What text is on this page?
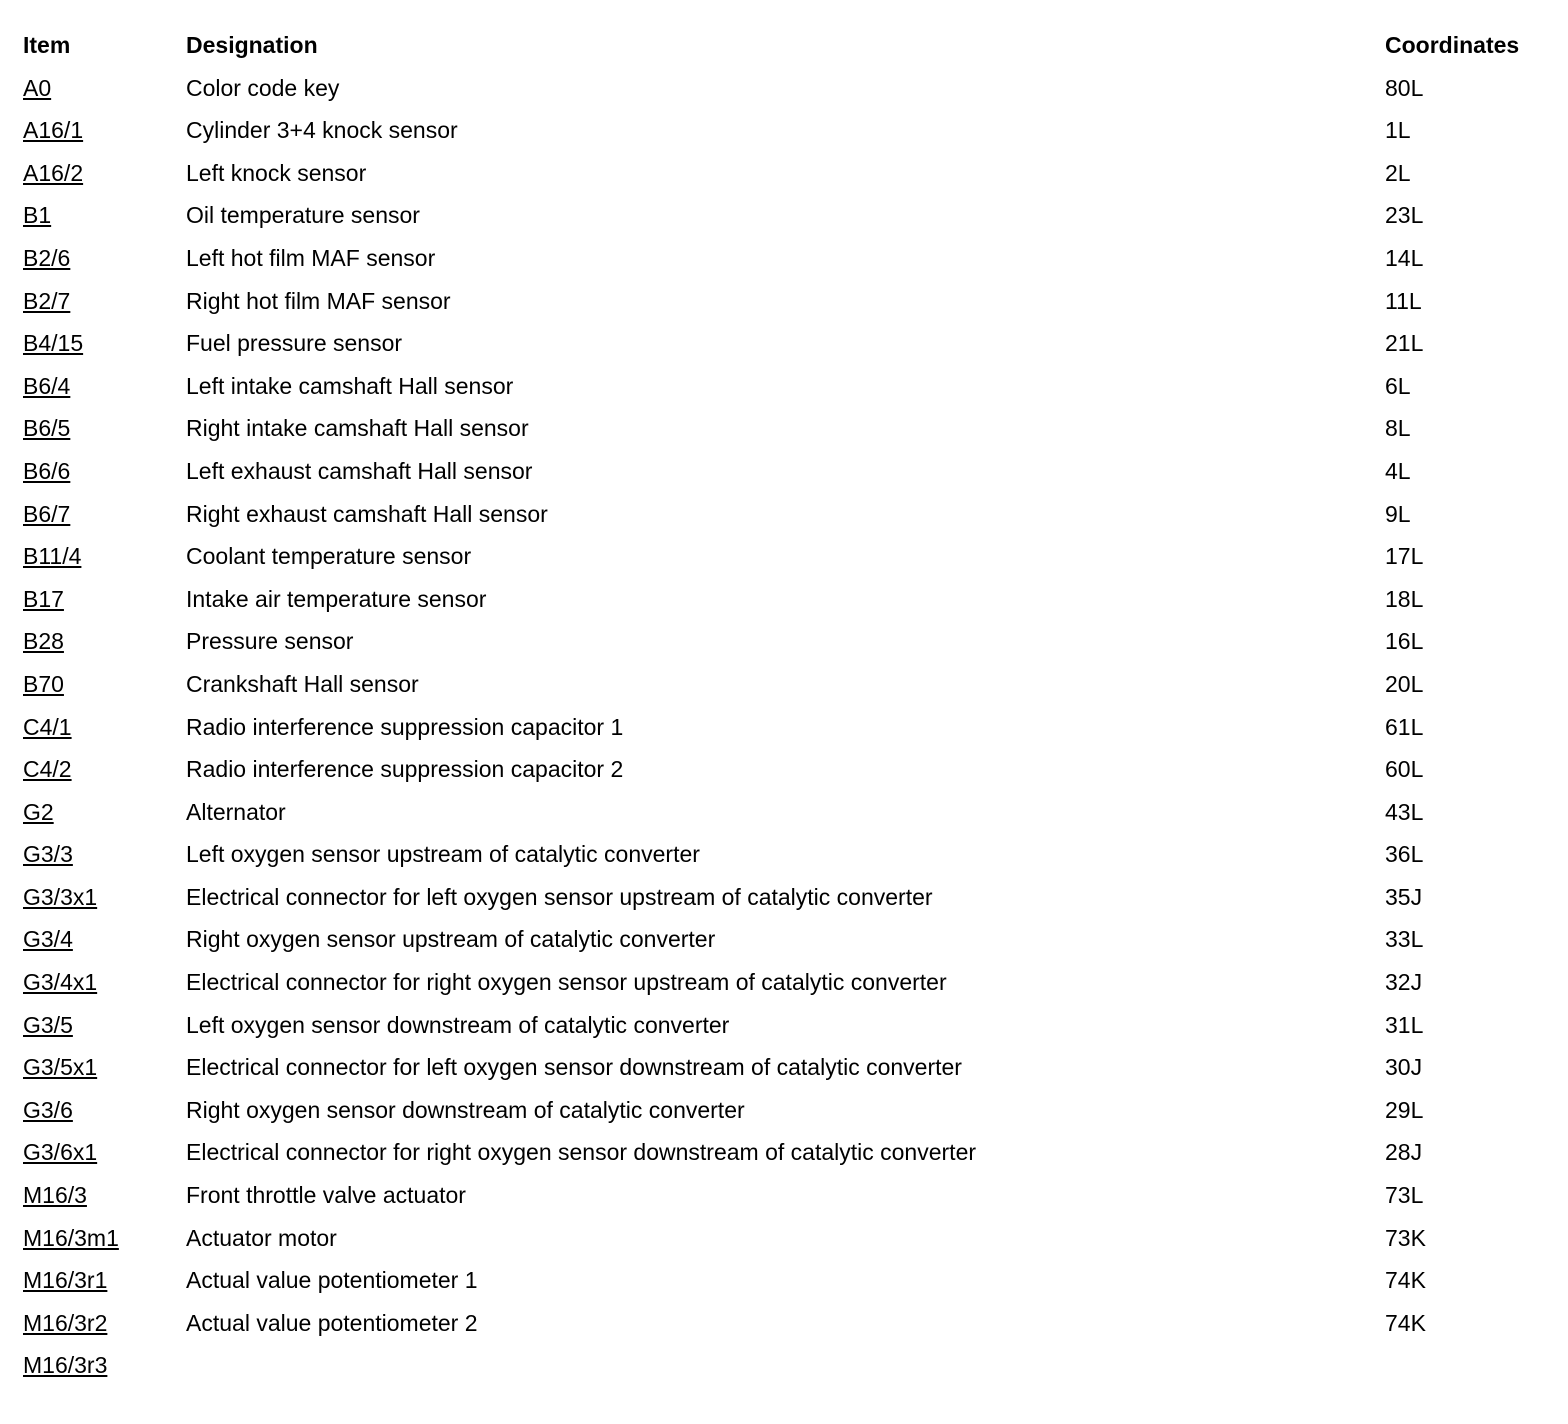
Item	Designation	Coordinates
A0	Color code key	80L
A16/1	Cylinder 3+4 knock sensor	1L
A16/2	Left knock sensor	2L
B1	Oil temperature sensor	23L
B2/6	Left hot film MAF sensor	14L
B2/7	Right hot film MAF sensor	11L
B4/15	Fuel pressure sensor	21L
B6/4	Left intake camshaft Hall sensor	6L
B6/5	Right intake camshaft Hall sensor	8L
B6/6	Left exhaust camshaft Hall sensor	4L
B6/7	Right exhaust camshaft Hall sensor	9L
B11/4	Coolant temperature sensor	17L
B17	Intake air temperature sensor	18L
B28	Pressure sensor	16L
B70	Crankshaft Hall sensor	20L
C4/1	Radio interference suppression capacitor 1	61L
C4/2	Radio interference suppression capacitor 2	60L
G2	Alternator	43L
G3/3	Left oxygen sensor upstream of catalytic converter	36L
G3/3x1	Electrical connector for left oxygen sensor upstream of catalytic converter	35J
G3/4	Right oxygen sensor upstream of catalytic converter	33L
G3/4x1	Electrical connector for right oxygen sensor upstream of catalytic converter	32J
G3/5	Left oxygen sensor downstream of catalytic converter	31L
G3/5x1	Electrical connector for left oxygen sensor downstream of catalytic converter	30J
G3/6	Right oxygen sensor downstream of catalytic converter	29L
G3/6x1	Electrical connector for right oxygen sensor downstream of catalytic converter	28J
M16/3	Front throttle valve actuator	73L
M16/3m1	Actuator motor	73K
M16/3r1	Actual value potentiometer 1	74K
M16/3r2	Actual value potentiometer 2	74K
M16/3r3
